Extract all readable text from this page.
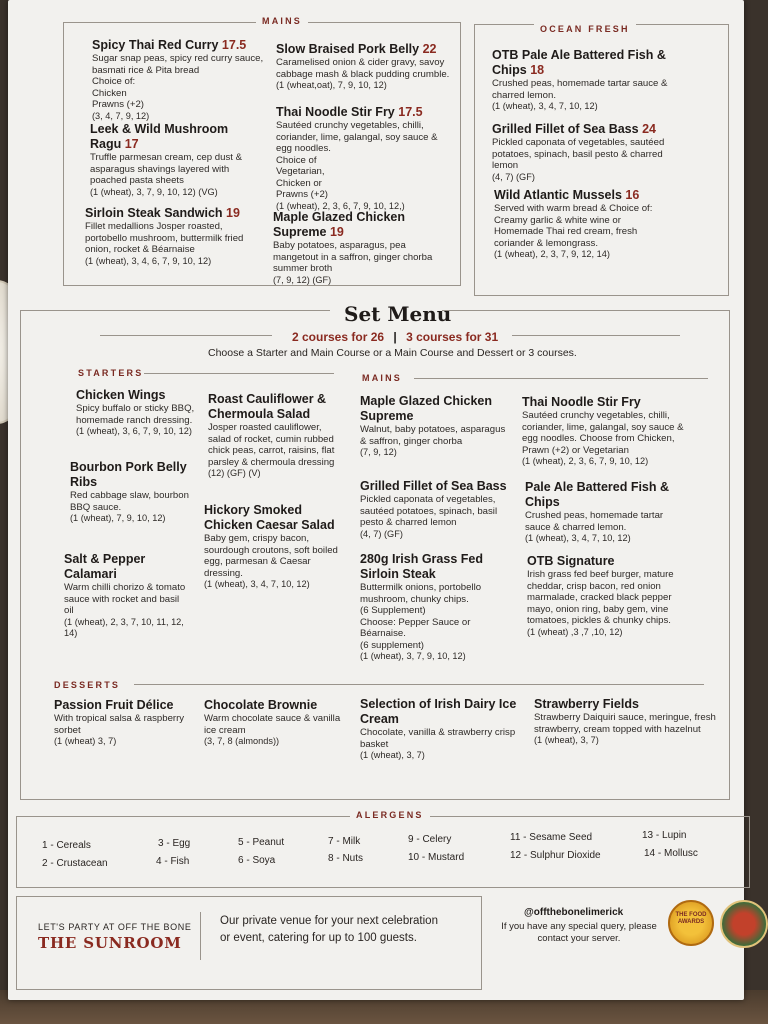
MAINS
OCEAN FRESH
Spicy Thai Red Curry 17.5
Sugar snap peas, spicy red curry sauce, basmati rice & Pita bread
Choice of:
Chicken
Prawns (+2)
(3, 4, 7, 9, 12)
Leek & Wild Mushroom Ragu 17
Truffle parmesan cream, cep dust & asparagus shavings layered with poached pasta sheets
(1 (wheat), 3, 7, 9, 10, 12) (VG)
Sirloin Steak Sandwich 19
Fillet medallions Josper roasted, portobello mushroom, buttermilk fried onion, rocket & Béarnaise
(1 (wheat), 3, 4, 6, 7, 9, 10, 12)
Slow Braised Pork Belly 22
Caramelised onion & cider gravy, savoy cabbage mash & black pudding crumble.
(1 (wheat,oat), 7, 9, 10, 12)
Thai Noodle Stir Fry 17.5
Sautéed crunchy vegetables, chilli, coriander, lime, galangal, soy sauce & egg noodles.
Choice of
Vegetarian,
Chicken or
Prawns (+2)
(1 (wheat), 2, 3, 6, 7, 9, 10, 12,)
Maple Glazed Chicken Supreme 19
Baby potatoes, asparagus, pea mangetout in a saffron, ginger chorba summer broth
(7, 9, 12) (GF)
OTB Pale Ale Battered Fish & Chips 18
Crushed peas, homemade tartar sauce & charred lemon.
(1 (wheat), 3, 4, 7, 10, 12)
Grilled Fillet of Sea Bass 24
Pickled caponata of vegetables, sautéed potatoes, spinach, basil pesto & charred lemon
(4, 7) (GF)
Wild Atlantic Mussels 16
Served with warm bread & Choice of:
Creamy garlic & white wine or
Homemade Thai red cream, fresh coriander & lemongrass.
(1 (wheat), 2, 3, 7, 9, 12, 14)
Set Menu
2 courses for 26 | 3 courses for 31
Choose a Starter and Main Course or a Main Course and Dessert or 3 courses.
STARTERS	MAINS
Chicken Wings
Spicy buffalo or sticky BBQ, homemade ranch dressing.
(1 (wheat), 3, 6, 7, 9, 10, 12)
Bourbon Pork Belly Ribs
Red cabbage slaw, bourbon
BBQ sauce.
(1 (wheat), 7, 9, 10, 12)
Salt & Pepper Calamari
Warm chilli chorizo & tomato sauce with rocket and basil oil
(1 (wheat), 2, 3, 7, 10, 11, 12, 14)
Roast Cauliflower & Chermoula Salad
Josper roasted cauliflower, salad of rocket, cumin rubbed chick peas, carrot, raisins, flat parsley & chermoula dressing
(12) (GF) (V)
Hickory Smoked Chicken Caesar Salad
Baby gem, crispy bacon, sourdough croutons, soft boiled egg, parmesan & Caesar dressing.
(1 (wheat), 3, 4, 7, 10, 12)
Maple Glazed Chicken Supreme
Walnut, baby potatoes, asparagus & saffron, ginger chorba
(7, 9, 12)
Grilled Fillet of Sea Bass
Pickled caponata of vegetables, sautéed potatoes, spinach, basil pesto & charred lemon
(4, 7) (GF)
280g Irish Grass Fed Sirloin Steak
Buttermilk onions, portobello mushroom, chunky chips.
(6 Supplement)
Choose: Pepper Sauce or Béarnaise.
(6 supplement)
(1 (wheat), 3, 7, 9, 10, 12)
Thai Noodle Stir Fry
Sautéed crunchy vegetables, chilli, coriander, lime, galangal, soy sauce & egg noodles. Choose from Chicken, Prawn (+2) or Vegetarian
(1 (wheat), 2, 3, 6, 7, 9, 10, 12)
Pale Ale Battered Fish & Chips
Crushed peas, homemade tartar sauce & charred lemon.
(1 (wheat), 3, 4, 7, 10, 12)
OTB Signature
Irish grass fed beef burger, mature cheddar, crisp bacon, red onion marmalade, cracked black pepper mayo, onion ring, baby gem, vine tomatoes, pickles & chunky chips.
(1 (wheat) ,3 ,7 ,10, 12)
DESSERTS
Passion Fruit Délice
With tropical salsa & raspberry sorbet
(1 (wheat) 3, 7)
Chocolate Brownie
Warm chocolate sauce & vanilla ice cream
(3, 7, 8 (almonds))
Selection of Irish Dairy Ice Cream
Chocolate, vanilla & strawberry crisp basket
(1 (wheat), 3, 7)
Strawberry Fields
Strawberry Daiquiri sauce, meringue, fresh strawberry, cream topped with hazelnut
(1 (wheat), 3, 7)
ALERGENS
1 - Cereals
2 - Crustacean
3 - Egg
4 - Fish
5 - Peanut
6 - Soya
7 - Milk
8 - Nuts
9 - Celery
10 - Mustard
11 - Sesame Seed
12 - Sulphur Dioxide
13 - Lupin
14 - Mollusc
LET'S PARTY AT OFF THE BONE
THE SUNROOM
Our private venue for your next celebration
or event, catering for up to 100 guests.
@offthebonelimerick
If you have any special query, please contact your server.
THE FOOD AWARDS
